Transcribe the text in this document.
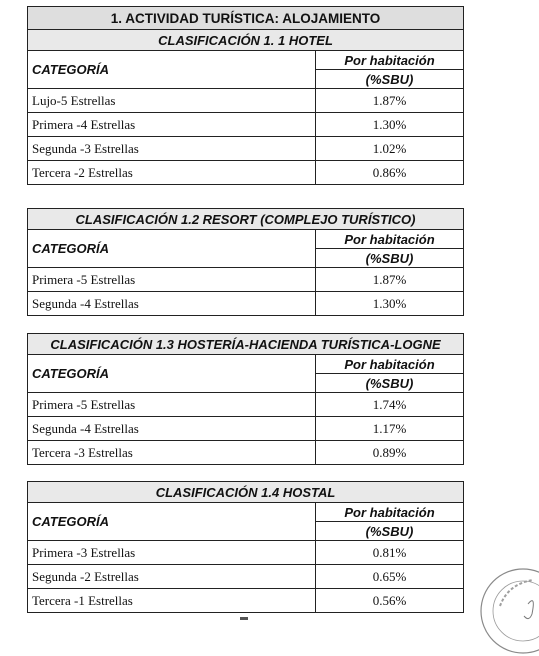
1. ACTIVIDAD TURÍSTICA: ALOJAMIENTO	
CLASIFICACIÓN 1. 1 HOTEL	
CATEGORÍA	Por habitación
	(%SBU)
Lujo-5 Estrellas	1.87%
Primera -4 Estrellas	1.30%
Segunda -3 Estrellas	1.02%
Tercera -2 Estrellas	0.86%
CLASIFICACIÓN 1.2 RESORT (COMPLEJO TURÍSTICO)	
CATEGORÍA	Por habitación
	(%SBU)
Primera -5 Estrellas	1.87%
Segunda -4 Estrellas	1.30%
CLASIFICACIÓN 1.3 HOSTERÍA-HACIENDA TURÍSTICA-LOGNE	
CATEGORÍA	Por habitación
	(%SBU)
Primera -5 Estrellas	1.74%
Segunda -4 Estrellas	1.17%
Tercera -3 Estrellas	0.89%
CLASIFICACIÓN 1.4 HOSTAL	
CATEGORÍA	Por habitación
	(%SBU)
Primera -3 Estrellas	0.81%
Segunda -2 Estrellas	0.65%
Tercera -1 Estrellas	0.56%
